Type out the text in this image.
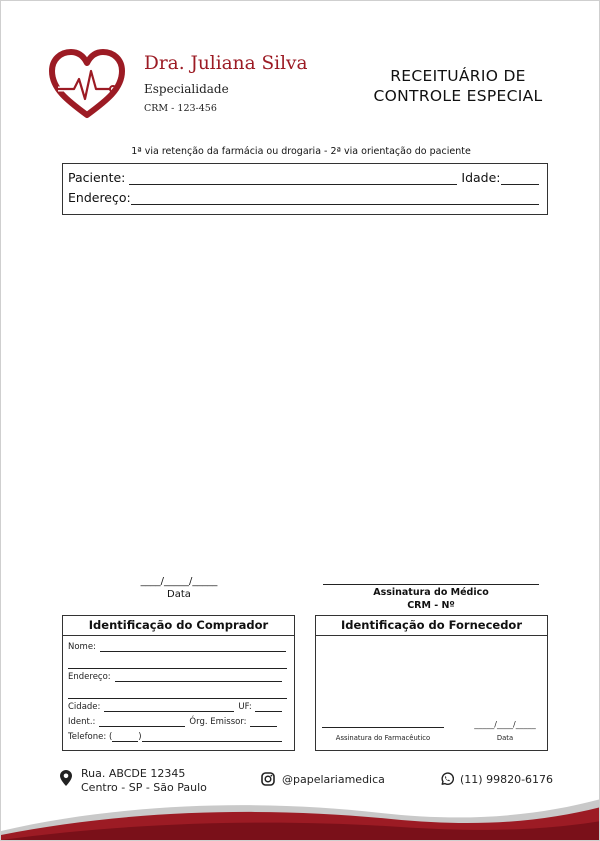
Dra. Juliana Silva
Especialidade
CRM - 123-456
RECEITUÁRIO DE
CONTROLE ESPECIAL
1ª via retenção da farmácia ou drogaria - 2ª via orientação do paciente
Paciente:	Idade:
Endereço:
____/_____/_____
Data	Assinatura do Médico
CRM - Nº
Identificação do Comprador
Nome:
Endereço:
Cidade:	UF:
Ident.:	Órg. Emissor:
Telefone: (	)
Identificação do Fornecedor
Assinatura do Farmacêutico
_____/____/_____
Data
Rua. ABCDE 12345
Centro - SP - São Paulo
@papelariamedica	(11) 99820-6176
